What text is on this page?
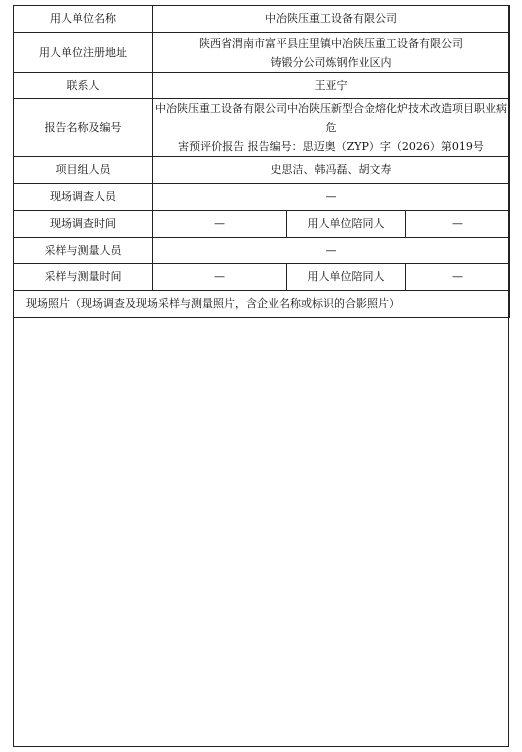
用人单位名称	中冶陕压重工设备有限公司		
用人单位注册地址	陕西省渭南市富平县庄里镇中冶陕压重工设备有限公司
铸锻分公司炼钢作业区内		

联系人	王亚宁		
报告名称及编号	中冶陕压重工设备有限公司中冶陕压新型合金熔化炉技术改造项目职业病危
害预评价报告 报告编号：思迈奥（ZYP）字（2026）第019号		

项目组人员	史思洁、韩冯磊、胡文寿		
现场调查人员	—		
现场调查时间	—	用人单位陪同人	—
采样与测量人员	—		
采样与测量时间	—	用人单位陪同人	—
现场照片（现场调查及现场采样与测量照片，含企业名称或标识的合影照片）			
